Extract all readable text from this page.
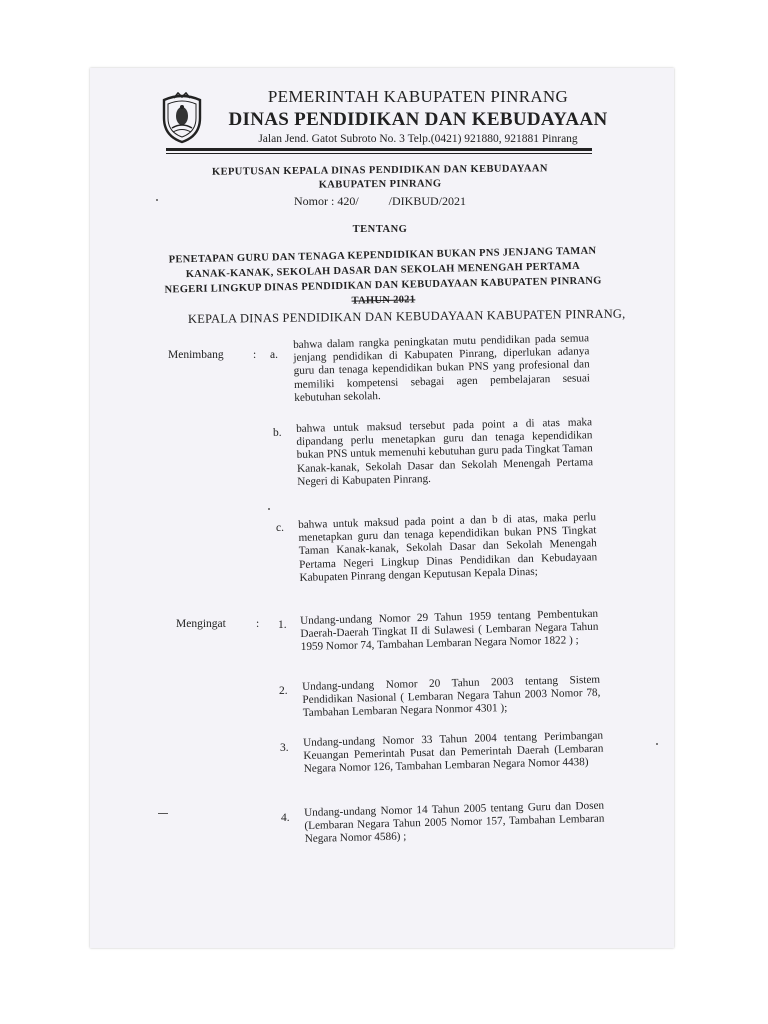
PEMERINTAH KABUPATEN PINRANG
DINAS PENDIDIKAN DAN KEBUDAYAAN
Jalan Jend. Gatot Subroto No. 3 Telp.(0421) 921880, 921881 Pinrang
KEPUTUSAN KEPALA DINAS PENDIDIKAN DAN KEBUDAYAAN
KABUPATEN PINRANG
Nomor : 420/          /DIKBUD/2021
TENTANG
PENETAPAN GURU DAN TENAGA KEPENDIDIKAN BUKAN PNS JENJANG TAMAN
KANAK-KANAK, SEKOLAH DASAR DAN SEKOLAH MENENGAH PERTAMA
NEGERI LINGKUP DINAS PENDIDIKAN DAN KEBUDAYAAN KABUPATEN PINRANG
TAHUN 2021
KEPALA DINAS PENDIDIKAN DAN KEBUDAYAAN KABUPATEN PINRANG,
Menimbang	: a.
bahwa dalam rangka peningkatan mutu pendidikan pada semua jenjang pendidikan di Kabupaten Pinrang, diperlukan adanya guru dan tenaga kependidikan bukan PNS yang profesional dan memiliki kompetensi sebagai agen pembelajaran sesuai kebutuhan sekolah.
b. bahwa untuk maksud tersebut pada point a di atas maka dipandang perlu menetapkan guru dan tenaga kependidikan bukan PNS untuk memenuhi kebutuhan guru pada Tingkat Taman Kanak-kanak, Sekolah Dasar dan Sekolah Menengah Pertama Negeri di Kabupaten Pinrang.
c. bahwa untuk maksud pada point a dan b di atas, maka perlu menetapkan guru dan tenaga kependidikan bukan PNS Tingkat Taman Kanak-kanak, Sekolah Dasar dan Sekolah Menengah Pertama Negeri Lingkup Dinas Pendidikan dan Kebudayaan Kabupaten Pinrang dengan Keputusan Kepala Dinas;
Mengingat	: 1. Undang-undang Nomor 29 Tahun 1959 tentang Pembentukan Daerah-Daerah Tingkat II di Sulawesi ( Lembaran Negara Tahun 1959 Nomor 74, Tambahan Lembaran Negara Nomor 1822 ) ;
2. Undang-undang Nomor 20 Tahun 2003 tentang Sistem Pendidikan Nasional ( Lembaran Negara Tahun 2003 Nomor 78, Tambahan Lembaran Negara Nonmor 4301 );
3. Undang-undang Nomor 33 Tahun 2004 tentang Perimbangan Keuangan Pemerintah Pusat dan Pemerintah Daerah (Lembaran Negara Nomor 126, Tambahan Lembaran Negara Nomor 4438)
4. Undang-undang Nomor 14 Tahun 2005 tentang Guru dan Dosen (Lembaran Negara Tahun 2005 Nomor 157, Tambahan Lembaran Negara Nomor 4586) ;
